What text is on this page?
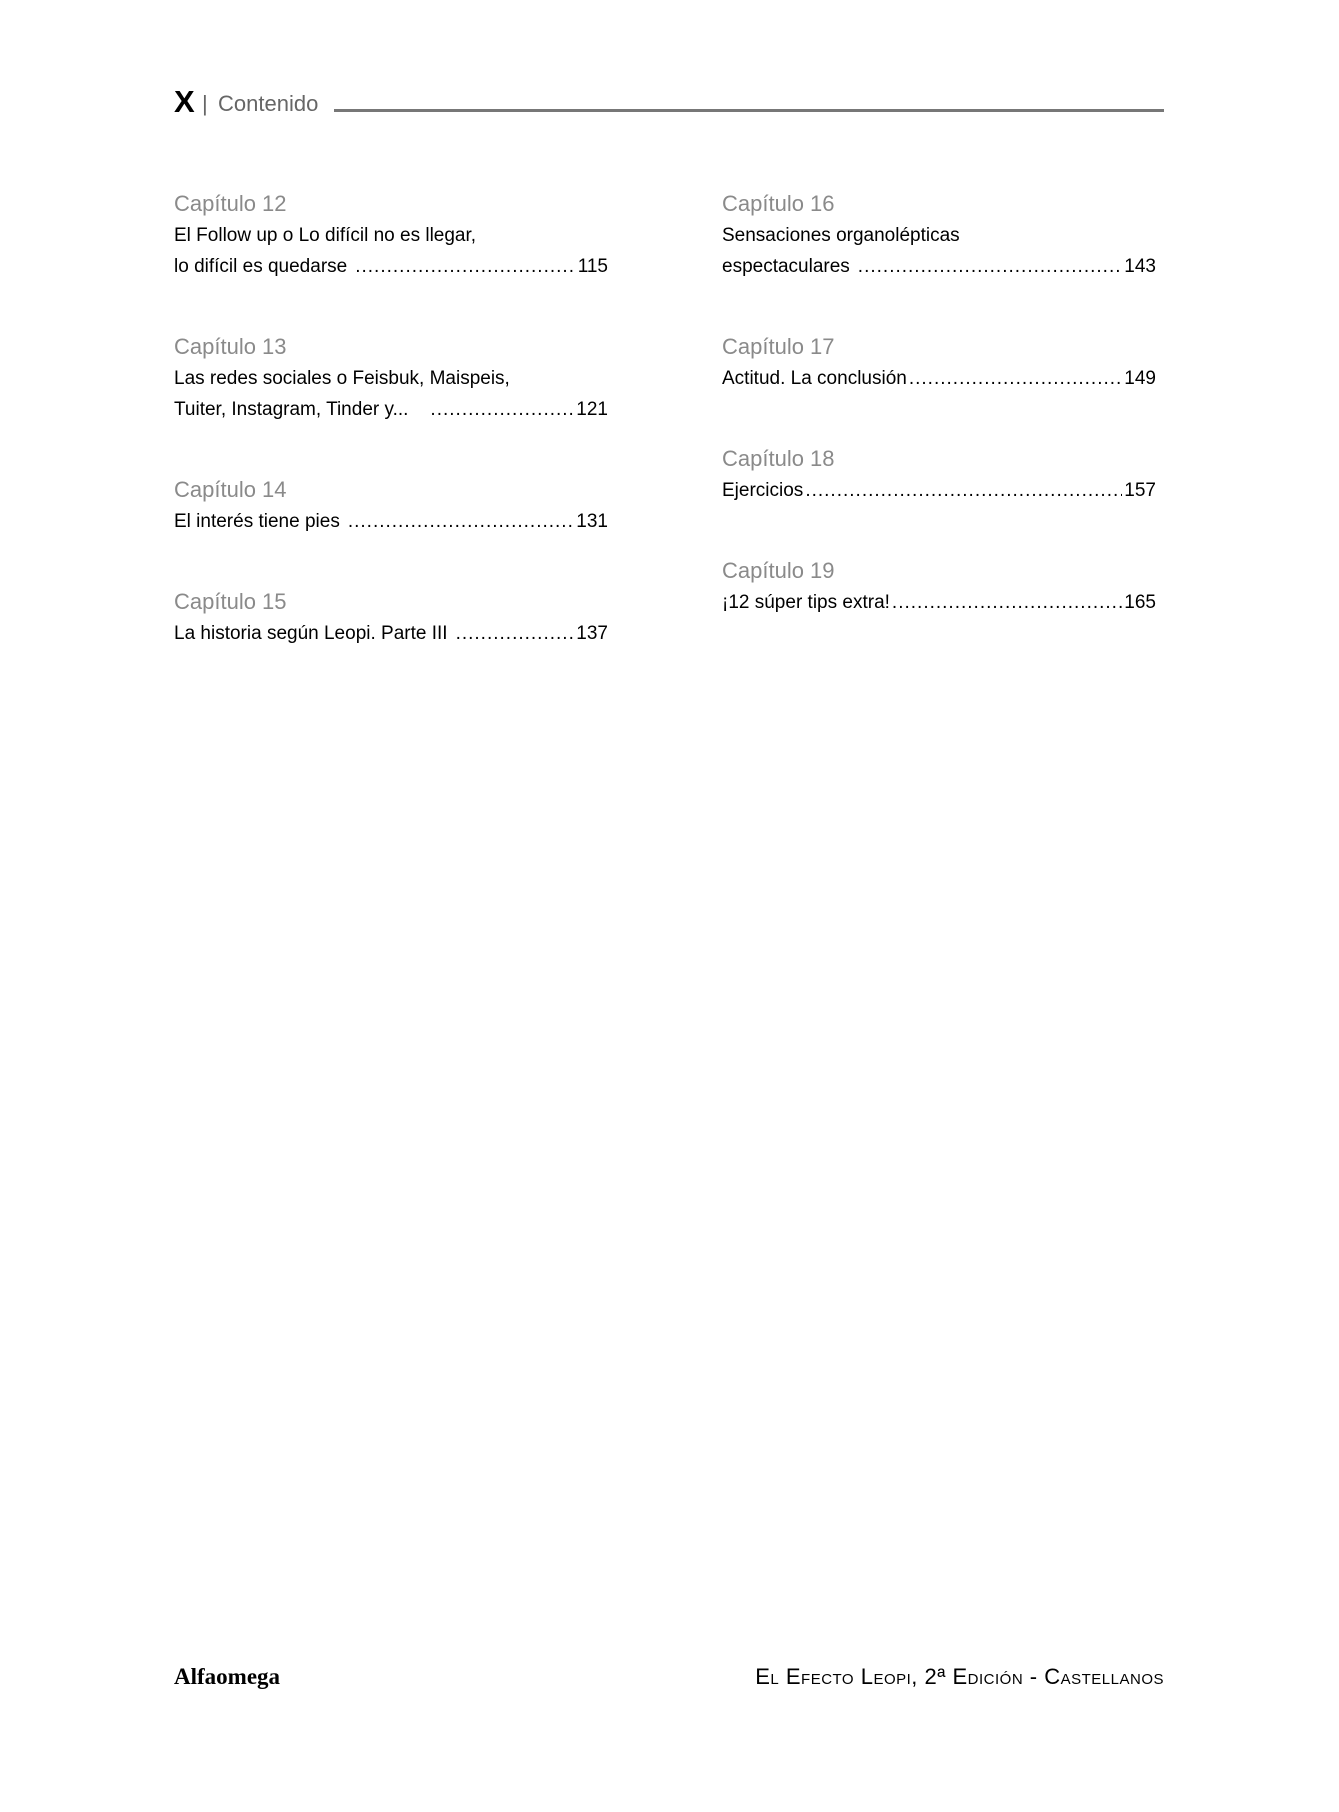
X | Contenido
Capítulo 12
El Follow up o Lo difícil no es llegar,
lo difícil es quedarse .....	115
Capítulo 13
Las redes sociales o Feisbuk, Maispeis,
Tuiter, Instagram, Tinder y... .....	121
Capítulo 14
El interés tiene pies .....	131
Capítulo 15
La historia según Leopi. Parte III .....	137
Capítulo 16
Sensaciones organolépticas
espectaculares .....	143
Capítulo 17
Actitud. La conclusión .....	149
Capítulo 18
Ejercicios .....	157
Capítulo 19
¡12 súper tips extra! .....	165
Alfaomega	El Efecto Leopi, 2ª Edición - Castellanos
